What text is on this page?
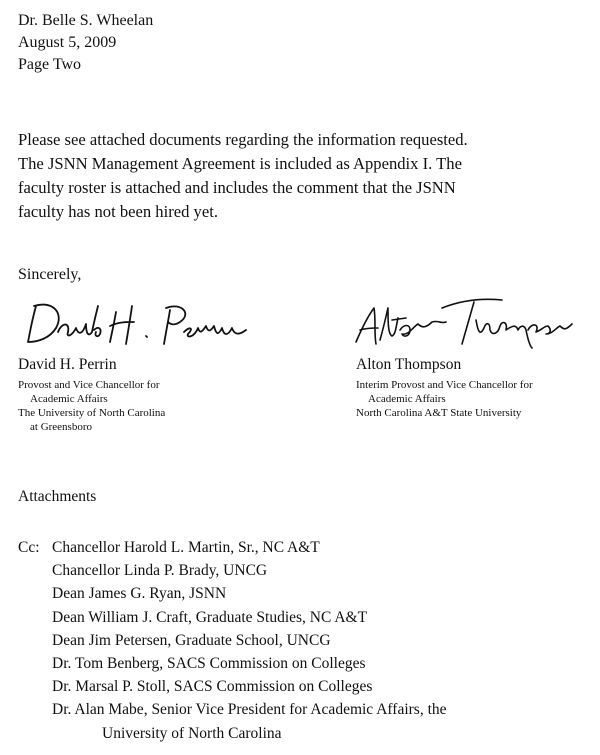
Dr. Belle S. Wheelan
August 5, 2009
Page Two
Please see attached documents regarding the information requested.
The JSNN Management Agreement is included as Appendix I. The
faculty roster is attached and includes the comment that the JSNN
faculty has not been hired yet.
Sincerely,
David H. Perrin
Provost and Vice Chancellor for
Academic Affairs
The University of North Carolina
at Greensboro
Alton Thompson
Interim Provost and Vice Chancellor for
Academic Affairs
North Carolina A&T State University
Attachments
Cc: Chancellor Harold L. Martin, Sr., NC A&T
Chancellor Linda P. Brady, UNCG
Dean James G. Ryan, JSNN
Dean William J. Craft, Graduate Studies, NC A&T
Dean Jim Petersen, Graduate School, UNCG
Dr. Tom Benberg, SACS Commission on Colleges
Dr. Marsal P. Stoll, SACS Commission on Colleges
Dr. Alan Mabe, Senior Vice President for Academic Affairs, the
University of North Carolina
